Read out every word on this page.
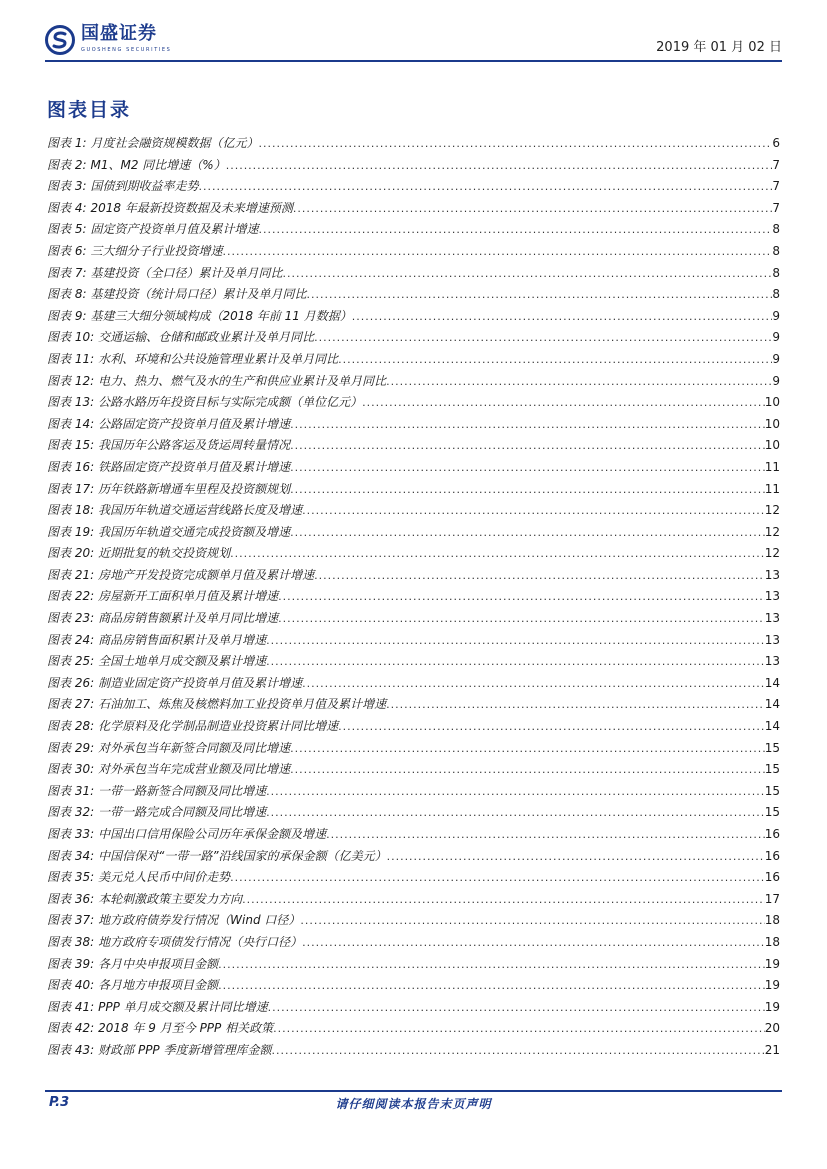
国盛证券
GUOSHENG SECURITIES	2019 年 01 月 02 日
图表目录
图表 1: 月度社会融资规模数据（亿元） .....	6
图表 2: M1、M2 同比增速（%） .....	7
图表 3: 国债到期收益率走势 .....	7
图表 4: 2018 年最新投资数据及未来增速预测 .....	7
图表 5: 固定资产投资单月值及累计增速 .....	8
图表 6: 三大细分子行业投资增速 .....	8
图表 7: 基建投资（全口径）累计及单月同比 .....	8
图表 8: 基建投资（统计局口径）累计及单月同比 .....	8
图表 9: 基建三大细分领域构成（2018 年前 11 月数据） .....	9
图表 10: 交通运输、仓储和邮政业累计及单月同比 .....	9
图表 11: 水利、环境和公共设施管理业累计及单月同比 .....	9
图表 12: 电力、热力、燃气及水的生产和供应业累计及单月同比 .....	9
图表 13: 公路水路历年投资目标与实际完成额（单位亿元） .....	10
图表 14: 公路固定资产投资单月值及累计增速 .....	10
图表 15: 我国历年公路客运及货运周转量情况 .....	10
图表 16: 铁路固定资产投资单月值及累计增速 .....	11
图表 17: 历年铁路新增通车里程及投资额规划 .....	11
图表 18: 我国历年轨道交通运营线路长度及增速 .....	12
图表 19: 我国历年轨道交通完成投资额及增速 .....	12
图表 20: 近期批复的轨交投资规划 .....	12
图表 21: 房地产开发投资完成额单月值及累计增速 .....	13
图表 22: 房屋新开工面积单月值及累计增速 .....	13
图表 23: 商品房销售额累计及单月同比增速 .....	13
图表 24: 商品房销售面积累计及单月增速 .....	13
图表 25: 全国土地单月成交额及累计增速 .....	13
图表 26: 制造业固定资产投资单月值及累计增速 .....	14
图表 27: 石油加工、炼焦及核燃料加工业投资单月值及累计增速 .....	14
图表 28: 化学原料及化学制品制造业投资累计同比增速 .....	14
图表 29: 对外承包当年新签合同额及同比增速 .....	15
图表 30: 对外承包当年完成营业额及同比增速 .....	15
图表 31: 一带一路新签合同额及同比增速 .....	15
图表 32: 一带一路完成合同额及同比增速 .....	15
图表 33: 中国出口信用保险公司历年承保金额及增速 .....	16
图表 34: 中国信保对“一带一路”沿线国家的承保金额（亿美元） .....	16
图表 35: 美元兑人民币中间价走势 .....	16
图表 36: 本轮刺激政策主要发力方向 .....	17
图表 37: 地方政府债券发行情况（Wind 口径） .....	18
图表 38: 地方政府专项债发行情况（央行口径） .....	18
图表 39: 各月中央申报项目金额 .....	19
图表 40: 各月地方申报项目金额 .....	19
图表 41: PPP 单月成交额及累计同比增速 .....	19
图表 42: 2018 年 9 月至今 PPP 相关政策 .....	20
图表 43: 财政部 PPP 季度新增管理库金额 .....	21
P.3	请仔细阅读本报告末页声明
